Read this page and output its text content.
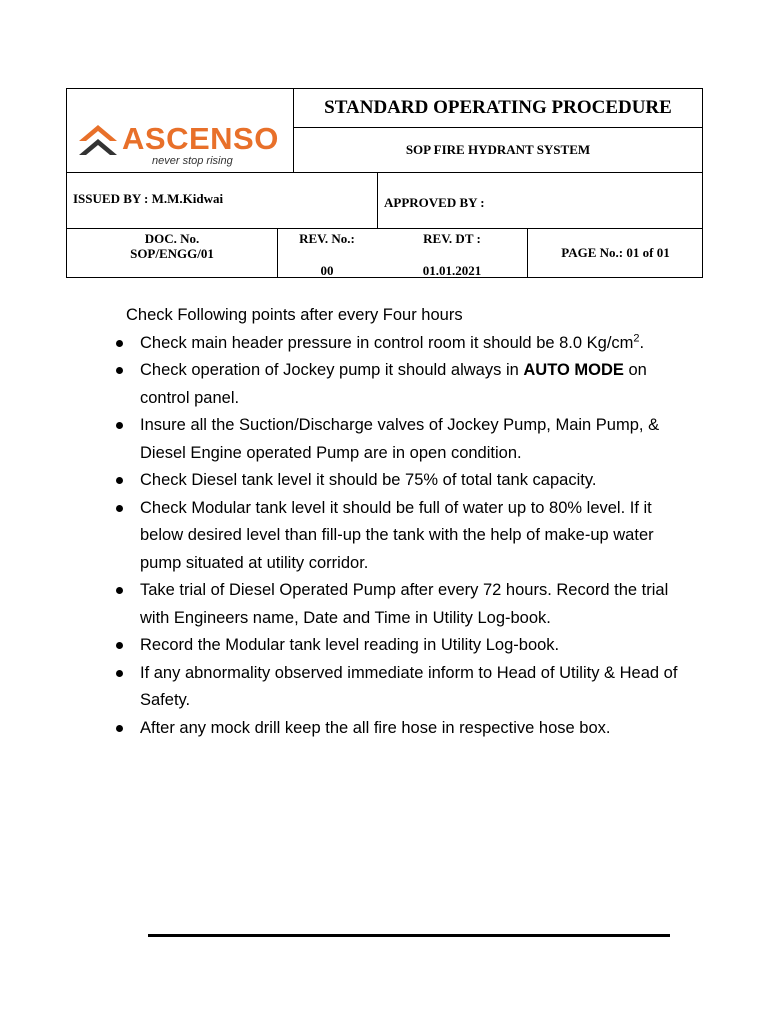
ASCENSO
never stop rising
STANDARD OPERATING PROCEDURE
SOP FIRE HYDRANT SYSTEM
ISSUED BY : M.M.Kidwai	APPROVED BY :
DOC. No.
SOP/ENGG/01
REV. No.:
00
REV. DT :
01.01.2021
PAGE No.: 01 of 01

Check Following points after every Four hours

Check main header pressure in control room it should be 8.0 $Kg/cm^2$.
Check operation of Jockey pump it should always in AUTO MODE on control panel.
Insure all the Suction/Discharge valves of Jockey Pump, Main Pump, & Diesel Engine operated Pump are in open condition.
Check Diesel tank level it should be 75% of total tank capacity.
Check Modular tank level it should be full of water up to 80% level. If it below desired level than fill-up the tank with the help of make-up water pump situated at utility corridor.
Take trial of Diesel Operated Pump after every 72 hours. Record the trial with Engineers name, Date and Time in Utility Log-book.
Record the Modular tank level reading in Utility Log-book.
If any abnormality observed immediate inform to Head of Utility & Head of Safety.
After any mock drill keep the all fire hose in respective hose box.
